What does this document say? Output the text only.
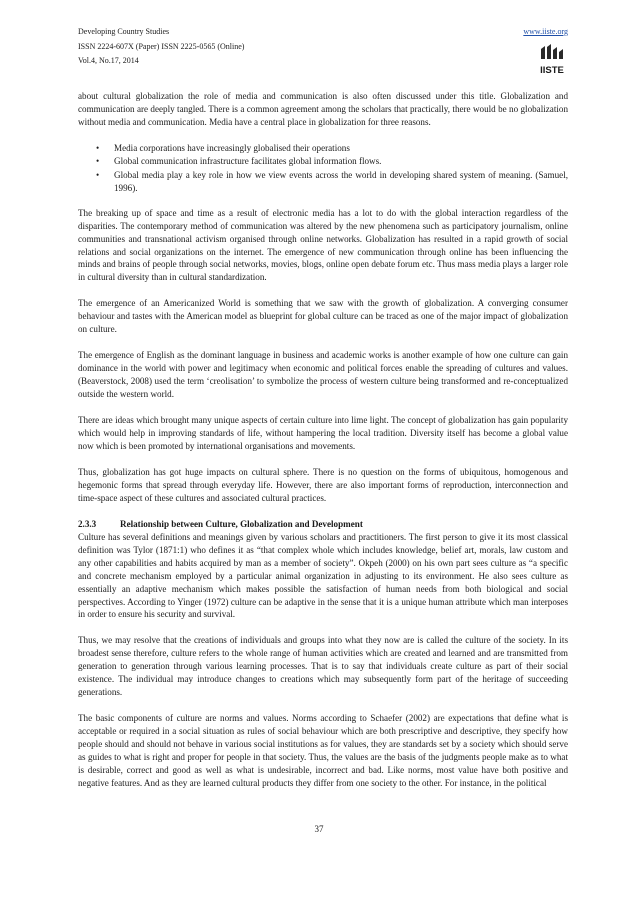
Developing Country Studies
ISSN 2224-607X (Paper) ISSN 2225-0565 (Online)
Vol.4, No.17, 2014
www.iiste.org
IISTE

about cultural globalization the role of media and communication is also often discussed under this title. Globalization and communication are deeply tangled. There is a common agreement among the scholars that practically, there would be no globalization without media and communication. Media have a central place in globalization for three reasons.

• Media corporations have increasingly globalised their operations
• Global communication infrastructure facilitates global information flows.
• Global media play a key role in how we view events across the world in developing shared system of meaning. (Samuel, 1996).

The breaking up of space and time as a result of electronic media has a lot to do with the global interaction regardless of the disparities. The contemporary method of communication was altered by the new phenomena such as participatory journalism, online communities and transnational activism organised through online networks. Globalization has resulted in a rapid growth of social relations and social organizations on the internet. The emergence of new communication through online has been influencing the minds and brains of people through social networks, movies, blogs, online open debate forum etc. Thus mass media plays a larger role in cultural diversity than in cultural standardization.

The emergence of an Americanized World is something that we saw with the growth of globalization. A converging consumer behaviour and tastes with the American model as blueprint for global culture can be traced as one of the major impact of globalization on culture.

The emergence of English as the dominant language in business and academic works is another example of how one culture can gain dominance in the world with power and legitimacy when economic and political forces enable the spreading of cultures and values. (Beaverstock, 2008) used the term ‘creolisation’ to symbolize the process of western culture being transformed and re-conceptualized outside the western world.

There are ideas which brought many unique aspects of certain culture into lime light. The concept of globalization has gain popularity which would help in improving standards of life, without hampering the local tradition. Diversity itself has become a global value now which is been promoted by international organisations and movements.

Thus, globalization has got huge impacts on cultural sphere. There is no question on the forms of ubiquitous, homogenous and hegemonic forms that spread through everyday life. However, there are also important forms of reproduction, interconnection and time-space aspect of these cultures and associated cultural practices.

2.3.3	Relationship between Culture, Globalization and Development

Culture has several definitions and meanings given by various scholars and practitioners. The first person to give it its most classical definition was Tylor (1871:1) who defines it as “that complex whole which includes knowledge, belief art, morals, law custom and any other capabilities and habits acquired by man as a member of society”. Okpeh (2000) on his own part sees culture as “a specific and concrete mechanism employed by a particular animal organization in adjusting to its environment. He also sees culture as essentially an adaptive mechanism which makes possible the satisfaction of human needs from both biological and social perspectives. According to Yinger (1972) culture can be adaptive in the sense that it is a unique human attribute which man interposes in order to ensure his security and survival.

Thus, we may resolve that the creations of individuals and groups into what they now are is called the culture of the society. In its broadest sense therefore, culture refers to the whole range of human activities which are created and learned and are transmitted from generation to generation through various learning processes. That is to say that individuals create culture as part of their social existence. The individual may introduce changes to creations which may subsequently form part of the heritage of succeeding generations.

The basic components of culture are norms and values. Norms according to Schaefer (2002) are expectations that define what is acceptable or required in a social situation as rules of social behaviour which are both prescriptive and descriptive, they specify how people should and should not behave in various social institutions as for values, they are standards set by a society which should serve as guides to what is right and proper for people in that society. Thus, the values are the basis of the judgments people make as to what is desirable, correct and good as well as what is undesirable, incorrect and bad. Like norms, most value have both positive and negative features. And as they are learned cultural products they differ from one society to the other. For instance, in the political

37
